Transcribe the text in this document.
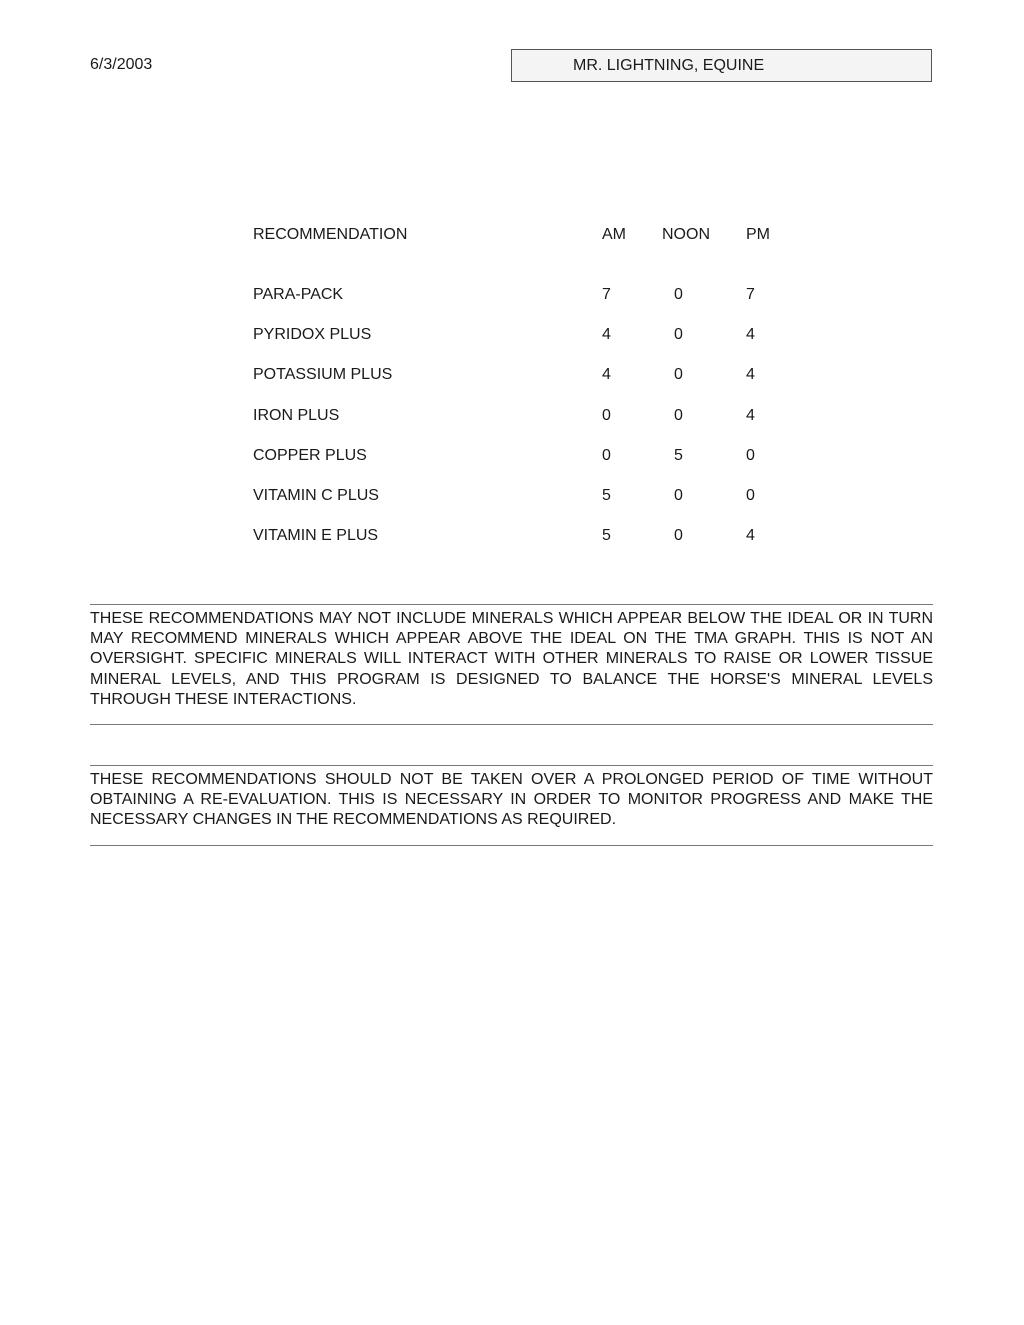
6/3/2003	MR. LIGHTNING, EQUINE
RECOMMENDATION	AM NOON PM
PARA-PACK	7	0	7
PYRIDOX PLUS	4	0	4
POTASSIUM PLUS	4	0	4
IRON PLUS	0	0	4
COPPER PLUS	0	5	0
VITAMIN C PLUS	5	0	0
VITAMIN E PLUS	5	0	4

THESE RECOMMENDATIONS MAY NOT INCLUDE MINERALS WHICH APPEAR BELOW THE IDEAL OR IN TURN MAY RECOMMEND MINERALS WHICH APPEAR ABOVE THE IDEAL ON THE TMA GRAPH. THIS IS NOT AN OVERSIGHT. SPECIFIC MINERALS WILL INTERACT WITH OTHER MINERALS TO RAISE OR LOWER TISSUE MINERAL LEVELS, AND THIS PROGRAM IS DESIGNED TO BALANCE THE HORSE'S MINERAL LEVELS THROUGH THESE INTERACTIONS.

THESE RECOMMENDATIONS SHOULD NOT BE TAKEN OVER A PROLONGED PERIOD OF TIME WITHOUT OBTAINING A RE-EVALUATION. THIS IS NECESSARY IN ORDER TO MONITOR PROGRESS AND MAKE THE NECESSARY CHANGES IN THE RECOMMENDATIONS AS REQUIRED.
